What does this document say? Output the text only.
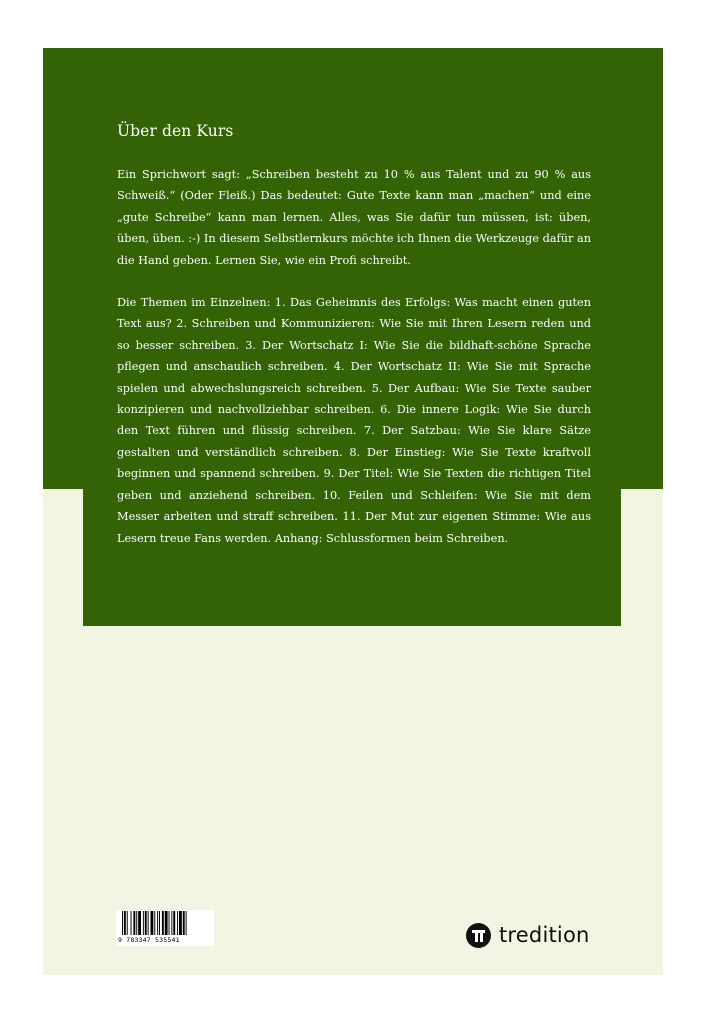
Über den Kurs

Ein Sprichwort sagt: „Schreiben besteht zu 10 % aus Talent und zu 90 % aus Schweiß.“ (Oder Fleiß.) Das bedeutet: Gute Texte kann man „machen“ und eine „gute Schreibe“ kann man lernen. Alles, was Sie dafür tun müssen, ist: üben, üben, üben. :-) In diesem Selbstlernkurs möchte ich Ihnen die Werkzeuge dafür an die Hand geben. Lernen Sie, wie ein Profi schreibt.

Die Themen im Einzelnen: 1. Das Geheimnis des Erfolgs: Was macht einen guten Text aus? 2. Schreiben und Kommunizieren: Wie Sie mit Ihren Lesern reden und so besser schreiben. 3. Der Wortschatz I: Wie Sie die bildhaft-schöne Sprache pflegen und anschaulich schreiben. 4. Der Wortschatz II: Wie Sie mit Sprache spielen und abwechslungsreich schreiben. 5. Der Aufbau: Wie Sie Texte sauber konzipieren und nachvollziehbar schreiben. 6. Die innere Logik: Wie Sie durch den Text führen und flüssig schreiben. 7. Der Satzbau: Wie Sie klare Sätze gestalten und verständlich schreiben. 8. Der Einstieg: Wie Sie Texte kraftvoll beginnen und spannend schreiben. 9. Der Titel: Wie Sie Texten die richtigen Titel geben und anziehend schreiben. 10. Feilen und Schleifen: Wie Sie mit dem Messer arbeiten und straff schreiben. 11. Der Mut zur eigenen Stimme: Wie aus Lesern treue Fans werden. Anhang: Schlussformen beim Schreiben.

9 783347 535541	tredition
